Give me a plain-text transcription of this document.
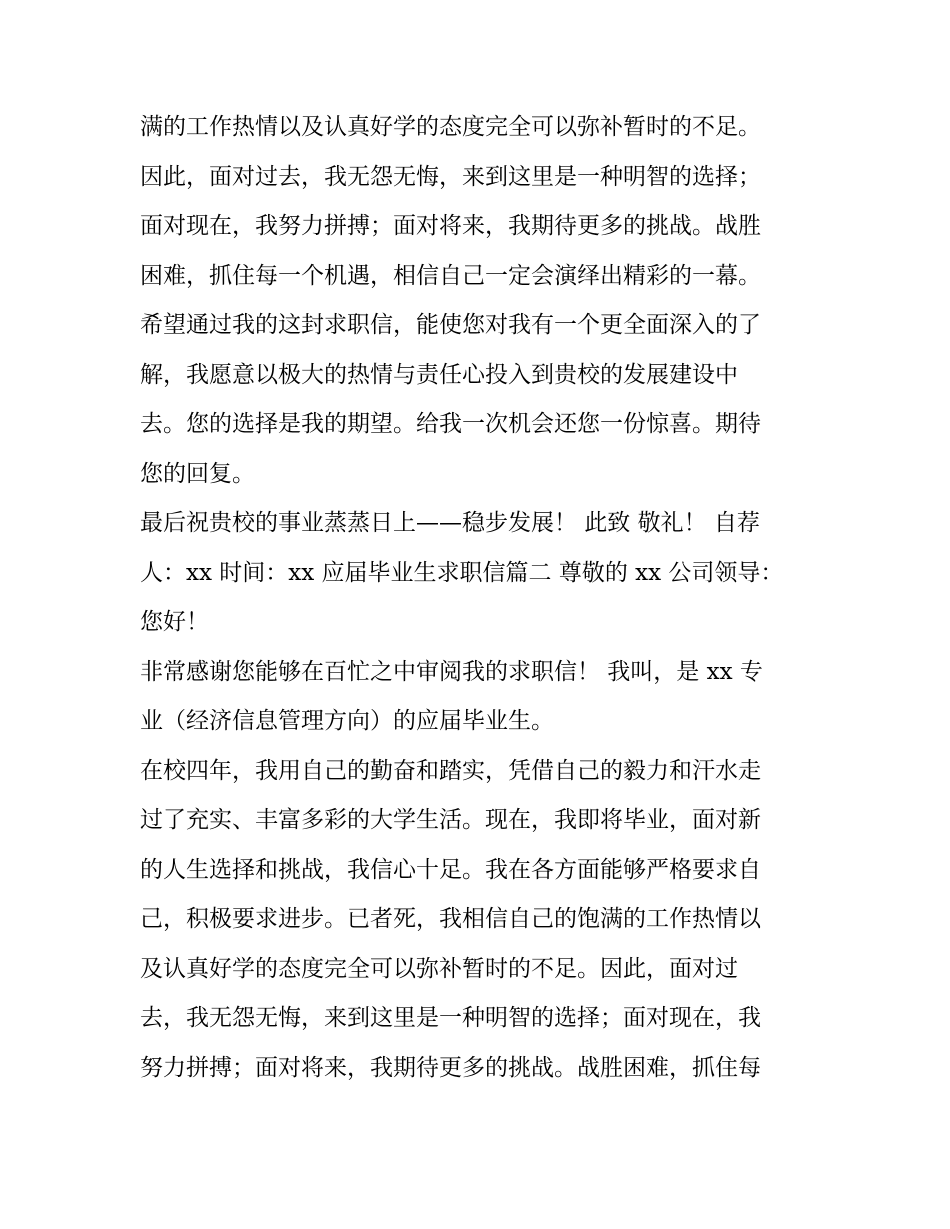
满的工作热情以及认真好学的态度完全可以弥补暂时的不足。
因此，面对过去，我无怨无悔，来到这里是一种明智的选择；
面对现在，我努力拼搏；面对将来，我期待更多的挑战。战胜
困难，抓住每一个机遇，相信自己一定会演绎出精彩的一幕。
希望通过我的这封求职信，能使您对我有一个更全面深入的了
解，我愿意以极大的热情与责任心投入到贵校的发展建设中
去。您的选择是我的期望。给我一次机会还您一份惊喜。期待
您的回复。
最后祝贵校的事业蒸蒸日上——稳步发展！ 此致 敬礼！ 自荐
人：xx 时间：xx 应届毕业生求职信篇二 尊敬的 xx 公司领导：
您好！
非常感谢您能够在百忙之中审阅我的求职信！ 我叫，是 xx 专
业（经济信息管理方向）的应届毕业生。
在校四年，我用自己的勤奋和踏实，凭借自己的毅力和汗水走
过了充实、丰富多彩的大学生活。现在，我即将毕业，面对新
的人生选择和挑战，我信心十足。我在各方面能够严格要求自
己，积极要求进步。已者死，我相信自己的饱满的工作热情以
及认真好学的态度完全可以弥补暂时的不足。因此，面对过
去，我无怨无悔，来到这里是一种明智的选择；面对现在，我
努力拼搏；面对将来，我期待更多的挑战。战胜困难，抓住每
